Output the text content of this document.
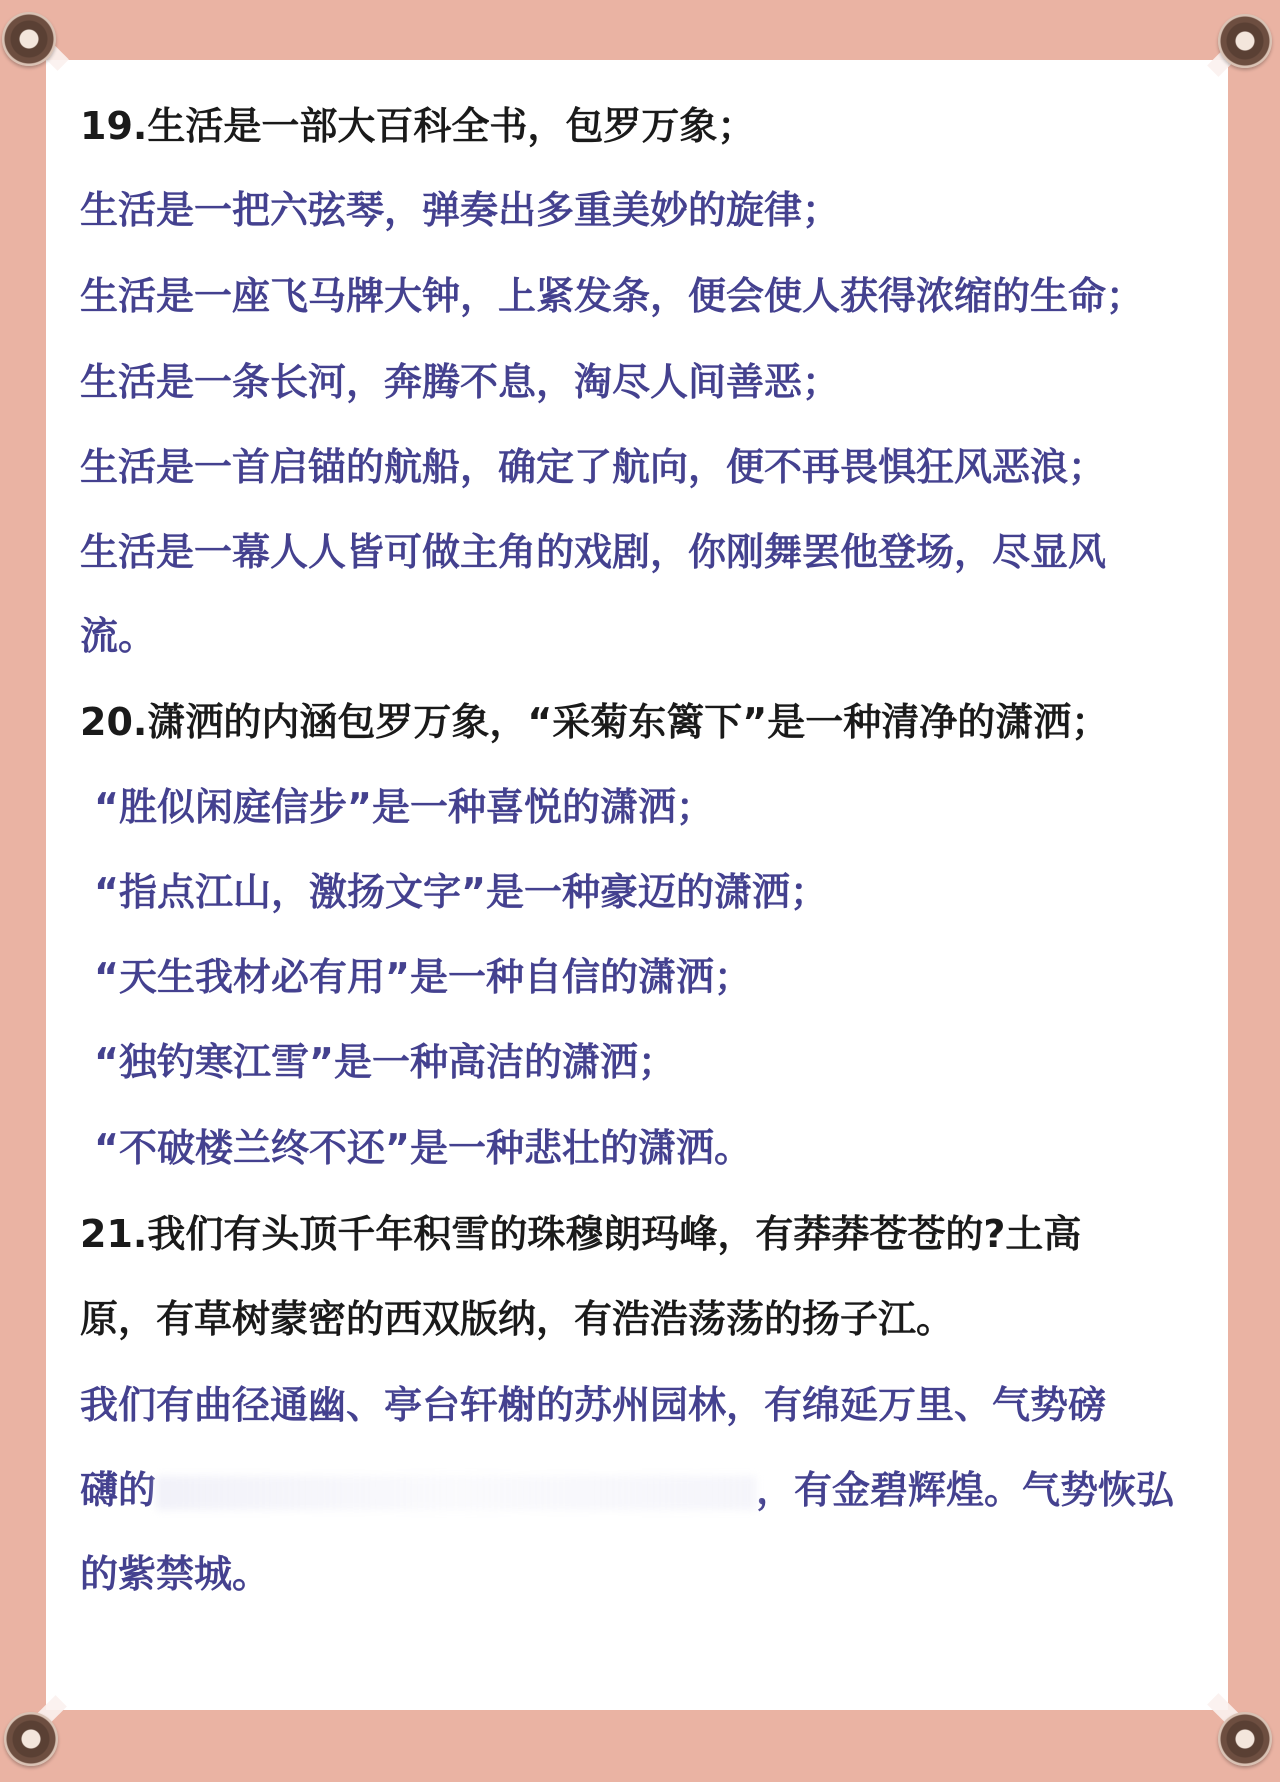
19.生活是一部大百科全书，包罗万象；

生活是一把六弦琴，弹奏出多重美妙的旋律；

生活是一座飞马牌大钟，上紧发条，便会使人获得浓缩的生命；

生活是一条长河，奔腾不息，淘尽人间善恶；

生活是一首启锚的航船，确定了航向，便不再畏惧狂风恶浪；

生活是一幕人人皆可做主角的戏剧，你刚舞罢他登场，尽显风

流。

20.潇洒的内涵包罗万象，“采菊东篱下”是一种清净的潇洒；

“胜似闲庭信步”是一种喜悦的潇洒；

“指点江山，激扬文字”是一种豪迈的潇洒；

“天生我材必有用”是一种自信的潇洒；

“独钓寒江雪”是一种高洁的潇洒；

“不破楼兰终不还”是一种悲壮的潇洒。

21.我们有头顶千年积雪的珠穆朗玛峰，有莽莽苍苍的?土高

原，有草树蒙密的西双版纳，有浩浩荡荡的扬子江。

我们有曲径通幽、亭台轩榭的苏州园林，有绵延万里、气势磅

礴的	，有金碧辉煌。气势恢弘

的紫禁城。
